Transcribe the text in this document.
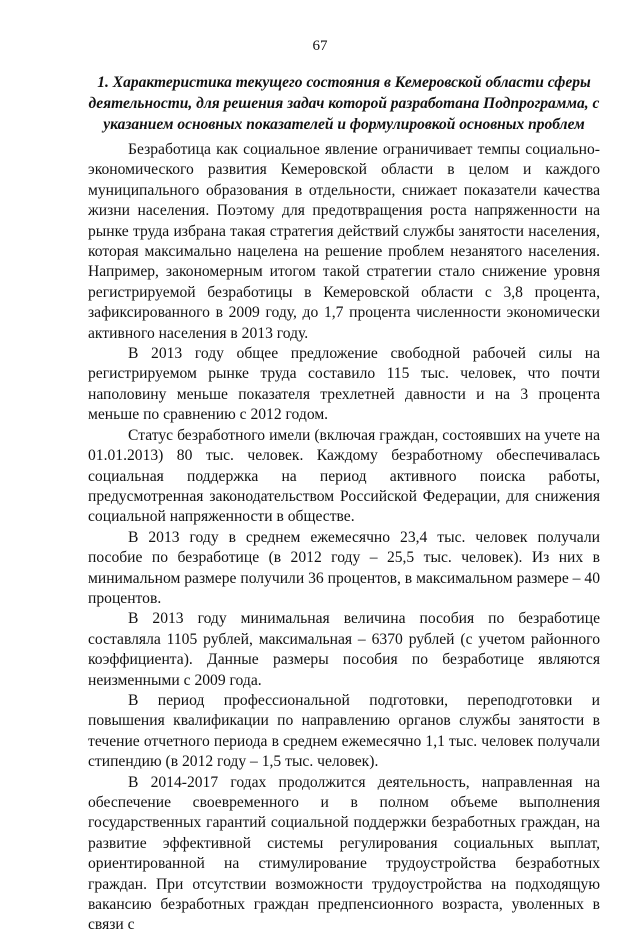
67
1. Характеристика текущего состояния в Кемеровской области сферы деятельности, для решения задач которой разработана Подпрограмма, с указанием основных показателей и формулировкой основных проблем

Безработица как социальное явление ограничивает темпы социально-экономического развития Кемеровской области в целом и каждого муниципального образования в отдельности, снижает показатели качества жизни населения. Поэтому для предотвращения роста напряженности на рынке труда избрана такая стратегия действий службы занятости населения, которая максимально нацелена на решение проблем незанятого населения. Например, закономерным итогом такой стратегии стало снижение уровня регистрируемой безработицы в Кемеровской области с 3,8 процента, зафиксированного в 2009 году, до 1,7 процента численности экономически активного населения в 2013 году.

В 2013 году общее предложение свободной рабочей силы на регистрируемом рынке труда составило 115 тыс. человек, что почти наполовину меньше показателя трехлетней давности и на 3 процента меньше по сравнению с 2012 годом.

Статус безработного имели (включая граждан, состоявших на учете на 01.01.2013) 80 тыс. человек. Каждому безработному обеспечивалась социальная поддержка на период активного поиска работы, предусмотренная законодательством Российской Федерации, для снижения социальной напряженности в обществе.

В 2013 году в среднем ежемесячно 23,4 тыс. человек получали пособие по безработице (в 2012 году – 25,5 тыс. человек). Из них в минимальном размере получили 36 процентов, в максимальном размере – 40 процентов.

В 2013 году минимальная величина пособия по безработице составляла 1105 рублей, максимальная – 6370 рублей (с учетом районного коэффициента). Данные размеры пособия по безработице являются неизменными с 2009 года.

В период профессиональной подготовки, переподготовки и повышения квалификации по направлению органов службы занятости в течение отчетного периода в среднем ежемесячно 1,1 тыс. человек получали стипендию (в 2012 году – 1,5 тыс. человек).

В 2014-2017 годах продолжится деятельность, направленная на обеспечение своевременного и в полном объеме выполнения государственных гарантий социальной поддержки безработных граждан, на развитие эффективной системы регулирования социальных выплат, ориентированной на стимулирование трудоустройства безработных граждан. При отсутствии возможности трудоустройства на подходящую вакансию безработных граждан предпенсионного возраста, уволенных в связи с
